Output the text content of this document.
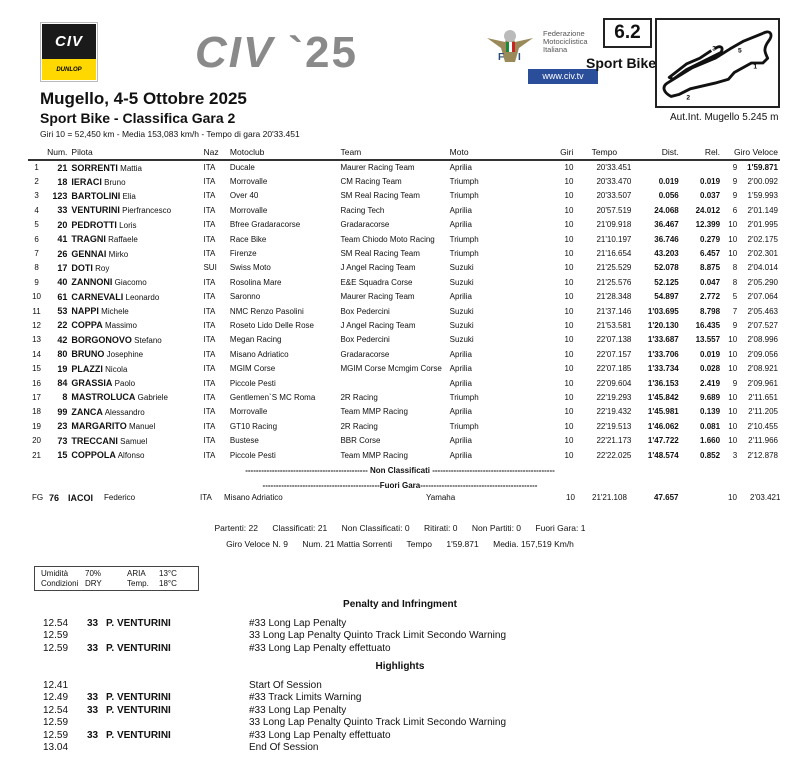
CIV
DUNLOP	CIV `25	F I
Federazione
Motociclistica
Italiana
www.civ.tv
6.2
Sport Bike
3	5
1
2
Aut.Int. Mugello 5.245 m
Mugello, 4-5 Ottobre 2025
Sport Bike - Classifica Gara 2
Giri 10 = 52,450 km - Media 153,083 km/h - Tempo di gara 20'33.451
	Num.	Pilota	Naz	Motoclub	Team	Moto	Giri	Tempo	Dist.	Rel.	Giro Veloce	
1	21	SORRENTI Mattia	ITA	Ducale	Maurer Racing Team	Aprilia	10	20'33.451			9	1'59.871
2	18	IERACI Bruno	ITA	Morrovalle	CM Racing Team	Triumph	10	20'33.470	0.019	0.019	9	2'00.092
3	123	BARTOLINI Elia	ITA	Over 40	SM Real Racing Team	Triumph	10	20'33.507	0.056	0.037	9	1'59.993
4	33	VENTURINI Pierfrancesco	ITA	Morrovalle	Racing Tech	Aprilia	10	20'57.519	24.068	24.012	6	2'01.149
5	20	PEDROTTI Loris	ITA	Bfree Gradaracorse	Gradaracorse	Aprilia	10	21'09.918	36.467	12.399	10	2'01.995
6	41	TRAGNI Raffaele	ITA	Race Bike	Team Chiodo Moto Racing	Triumph	10	21'10.197	36.746	0.279	10	2'02.175
7	26	GENNAI Mirko	ITA	Firenze	SM Real Racing Team	Triumph	10	21'16.654	43.203	6.457	10	2'02.301
8	17	DOTI Roy	SUI	Swiss Moto	J Angel Racing Team	Suzuki	10	21'25.529	52.078	8.875	8	2'04.014
9	40	ZANNONI Giacomo	ITA	Rosolina Mare	E&E Squadra Corse	Suzuki	10	21'25.576	52.125	0.047	8	2'05.290
10	61	CARNEVALI Leonardo	ITA	Saronno	Maurer Racing Team	Aprilia	10	21'28.348	54.897	2.772	5	2'07.064
11	53	NAPPI Michele	ITA	NMC Renzo Pasolini	Box Pedercini	Suzuki	10	21'37.146	1'03.695	8.798	7	2'05.463
12	22	COPPA Massimo	ITA	Roseto Lido Delle Rose	J Angel Racing Team	Suzuki	10	21'53.581	1'20.130	16.435	9	2'07.527
13	42	BORGONOVO Stefano	ITA	Megan Racing	Box Pedercini	Suzuki	10	22'07.138	1'33.687	13.557	10	2'08.996
14	80	BRUNO Josephine	ITA	Misano Adriatico	Gradaracorse	Aprilia	10	22'07.157	1'33.706	0.019	10	2'09.056
15	19	PLAZZI Nicola	ITA	MGIM Corse	MGIM Corse Mcmgim Corse	Aprilia	10	22'07.185	1'33.734	0.028	10	2'08.921
16	84	GRASSIA Paolo	ITA	Piccole Pesti		Aprilia	10	22'09.604	1'36.153	2.419	9	2'09.961
17	8	MASTROLUCA Gabriele	ITA	Gentlemen`S MC Roma	2R Racing	Triumph	10	22'19.293	1'45.842	9.689	10	2'11.651
18	99	ZANCA Alessandro	ITA	Morrovalle	Team MMP Racing	Aprilia	10	22'19.432	1'45.981	0.139	10	2'11.205
19	23	MARGARITO Manuel	ITA	GT10 Racing	2R Racing	Triumph	10	22'19.513	1'46.062	0.081	10	2'10.455
20	73	TRECCANI Samuel	ITA	Bustese	BBR Corse	Aprilia	10	22'21.173	1'47.722	1.660	10	2'11.966
21	15	COPPOLA Alfonso	ITA	Piccole Pesti	Team MMP Racing	Aprilia	10	22'22.025	1'48.574	0.852	3	2'12.878
---------------------------------------------- Non Classificati ----------------------------------------------
--------------------------------------------Fuori Gara--------------------------------------------
FG 76 IACOI Federico	ITA Misano Adriatico	Yamaha	10 21'21.108	47.657	10 2'03.421
Partenti: 22 Classificati: 21 Non Classificati: 0 Ritirati: 0 Non Partiti: 0 Fuori Gara: 1
Giro Veloce N. 9 Num. 21 Mattia Sorrenti Tempo 1'59.871 Media. 157,519 Km/h
Umidità	70%	ARIA	13°C
Condizioni DRY	Temp.	18°C
Penalty and Infringment
12.54 33 P. VENTURINI	#33 Long Lap Penalty
12.59	33 Long Lap Penalty Quinto Track Limit Secondo Warning
12.59 33 P. VENTURINI	#33 Long Lap Penalty effettuato
Highlights
12.41	Start Of Session
12.49 33 P. VENTURINI	#33 Track Limits Warning
12.54 33 P. VENTURINI	#33 Long Lap Penalty
12.59	33 Long Lap Penalty Quinto Track Limit Secondo Warning
12.59 33 P. VENTURINI	#33 Long Lap Penalty effettuato
13.04	End Of Session
